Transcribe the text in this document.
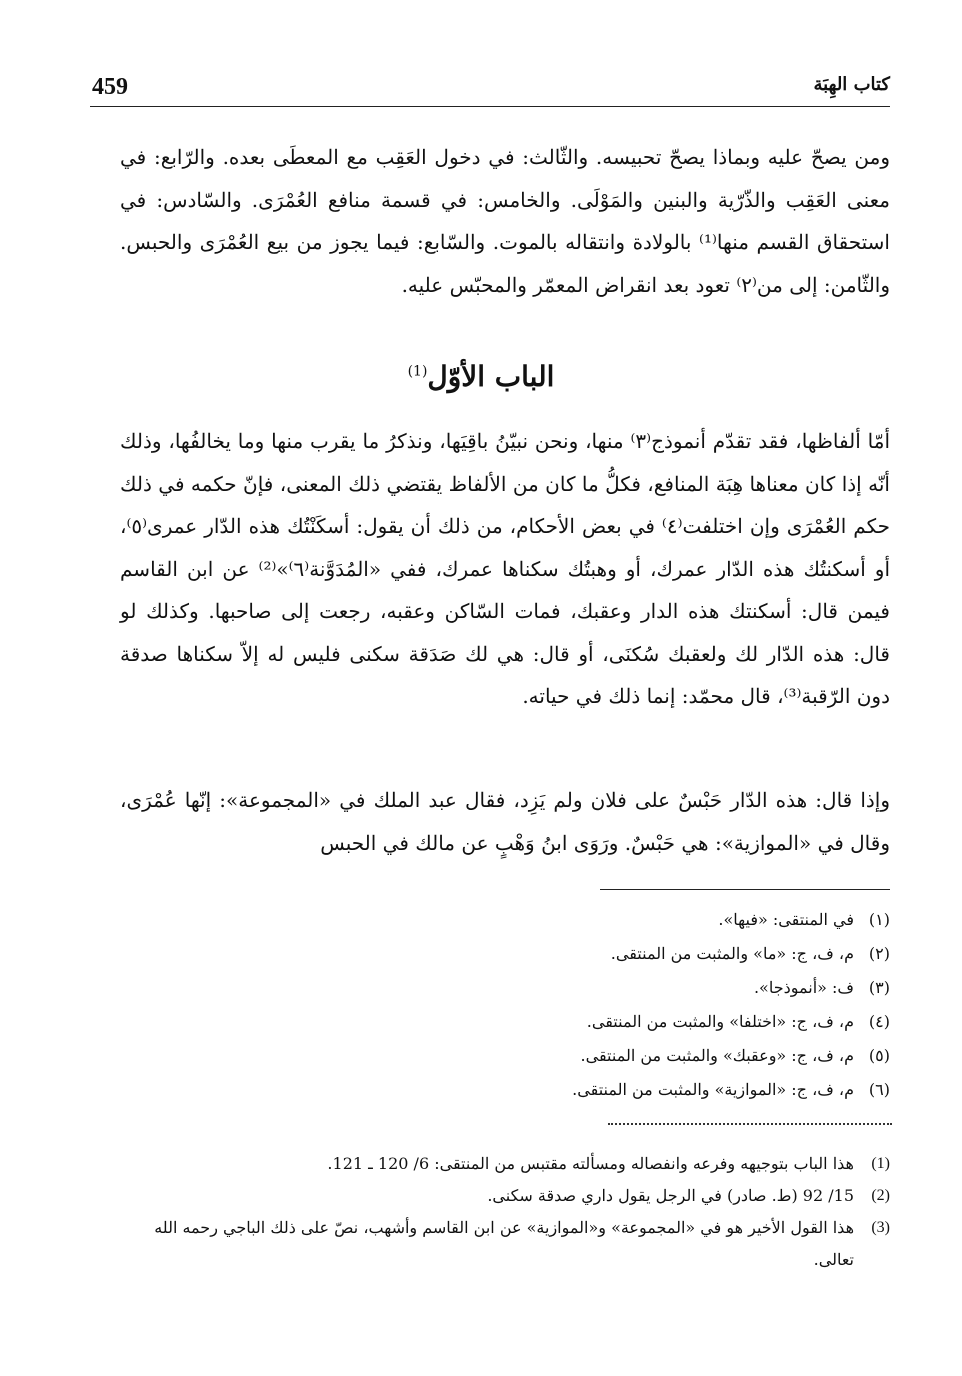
459	كتاب الهِبَة

ومن يصحّ عليه وبماذا يصحّ تحبيسه. والثّالث: في دخول العَقِب مع المعطَى بعده. والرّابع: في معنى العَقِب والذّرّية والبنين والمَوْلَى. والخامس: في قسمة منافع العُمْرَى. والسّادس: في استحقاق القسم منها⁽¹⁾ بالولادة وانتقاله بالموت. والسّابع: فيما يجوز من بيع العُمْرَى والحبس. والثّامن: إلى من⁽٢⁾ تعود بعد انقراض المعمّر والمحبّس عليه.

الباب الأوّل$^{(1)}$

أمّا ألفاظها، فقد تقدّم أنموذج⁽٣⁾ منها، ونحن نبيّنُ باقِيَها، ونذكرُ ما يقرب منها وما يخالفُها، وذلك أنّه إذا كان معناها هِبَة المنافع، فكلُّ ما كان من الألفاظ يقتضي ذلك المعنى، فإنّ حكمه في ذلك حكم العُمْرَى وإن اختلفت⁽٤⁾ في بعض الأحكام، من ذلك أن يقول: أسكَنْتُك هذه الدّار عمرى⁽٥⁾، أو أسكنتُك هذه الدّار عمرك، أو وهبتُك سكناها عمرك، ففي «المُدَوَّنة⁽٦⁾»⁽²⁾ عن ابن القاسم فيمن قال: أسكنتك هذه الدار وعقبك، فمات السّاكن وعقبه، رجعت إلى صاحبها. وكذلك لو قال: هذه الدّار لك ولعقبك سُكنَى، أو قال: هي لك صَدَقة سكنى فليس له إلاّ سكناها صدقة دون الرّقبة⁽³⁾، قال محمّد: إنما ذلك في حياته.

وإذا قال: هذه الدّار حَبْسٌ على فلان ولم يَزِد، فقال عبد الملك في «المجموعة»: إنّها عُمْرَى، وقال في «الموازية»: هي حَبْسٌ. ورَوَى ابنُ وَهْبٍ عن مالك في الحبس

(١)
في المنتقى: «فيها».
(٢)
م، ف، ج: «ما» والمثبت من المنتقى.
(٣)
ف: «أنموذجا».
(٤)
م، ف، ج: «اختلفا» والمثبت من المنتقى.
(٥)
م، ف، ج: «وعقبك» والمثبت من المنتقى.
(٦)
م، ف، ج: «الموازية» والمثبت من المنتقى.
(1)
هذا الباب بتوجيهه وفرعه وانفصاله ومسألته مقتبس من المنتقى: 6/ 120 ـ 121.
(2)
15/ 92 (ط. صادر) في الرجل يقول داري صدقة سكنى.
(3)
هذا القول الأخير هو في «المجموعة» و«الموازية» عن ابن القاسم وأشهب، نصّ على ذلك الباجي رحمه الله تعالى.
